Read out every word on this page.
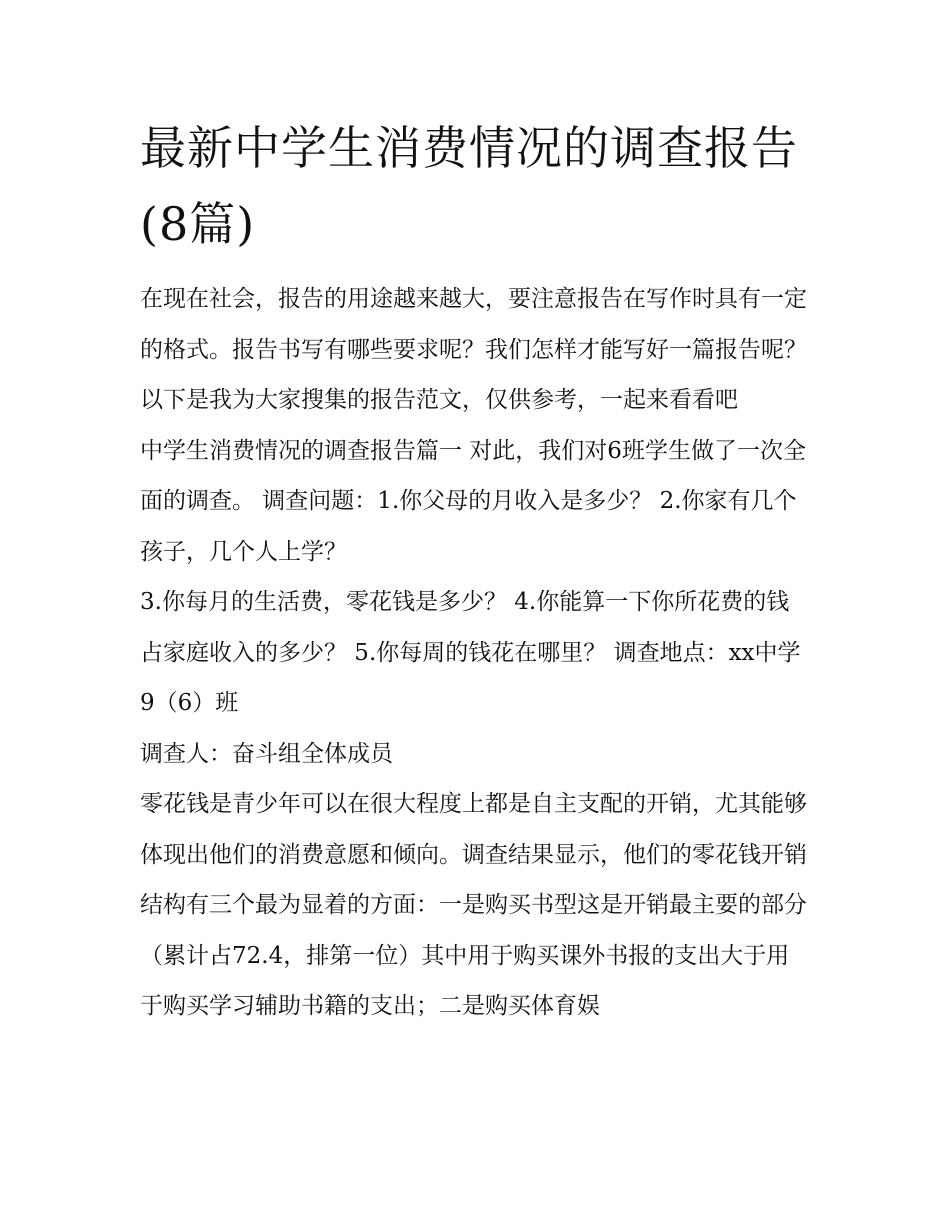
最新中学生消费情况的调查报告(8篇)

在现在社会，报告的用途越来越大，要注意报告在写作时具有一定的格式。报告书写有哪些要求呢？我们怎样才能写好一篇报告呢？以下是我为大家搜集的报告范文，仅供参考，一起来看看吧

中学生消费情况的调查报告篇一 对此，我们对6班学生做了一次全面的调查。 调查问题：1.你父母的月收入是多少？ 2.你家有几个孩子，几个人上学？

3.你每月的生活费，零花钱是多少？ 4.你能算一下你所花费的钱占家庭收入的多少？ 5.你每周的钱花在哪里？ 调查地点：xx中学9（6）班

调查人：奋斗组全体成员

零花钱是青少年可以在很大程度上都是自主支配的开销，尤其能够体现出他们的消费意愿和倾向。调查结果显示，他们的零花钱开销结构有三个最为显着的方面：一是购买书型这是开销最主要的部分（累计占72.4，排第一位）其中用于购买课外书报的支出大于用于购买学习辅助书籍的支出；二是购买体育娱
